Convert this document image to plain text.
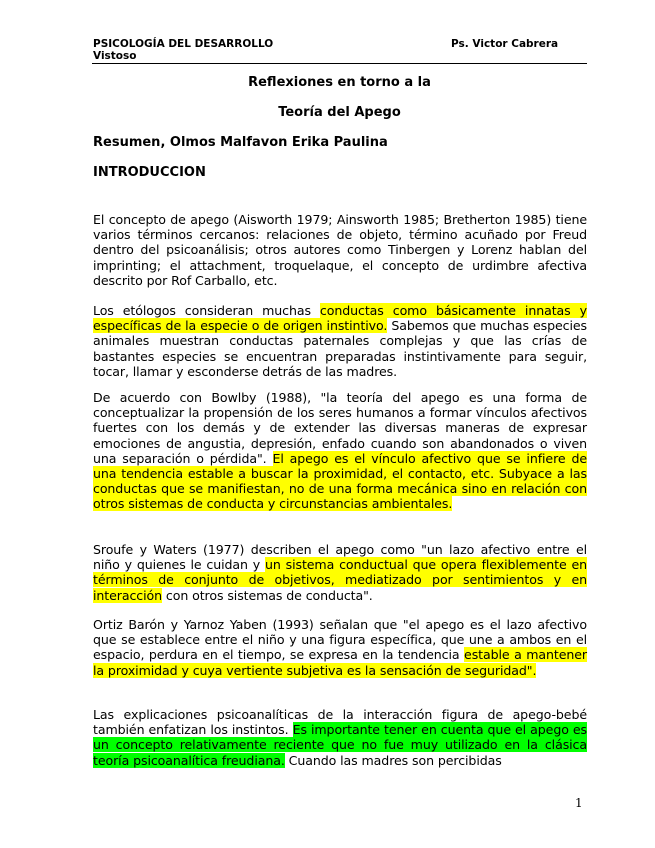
PSICOLOGÍA DEL DESARROLLO
Vistoso
Ps. Victor Cabrera
Reflexiones en torno a la
Teoría del Apego
Resumen, Olmos Malfavon Erika Paulina
INTRODUCCION
El concepto de apego (Aisworth 1979; Ainsworth 1985; Bretherton 1985) tiene varios términos cercanos: relaciones de objeto, término acuñado por Freud dentro del psicoanálisis; otros autores como Tinbergen y Lorenz hablan del imprinting; el attachment, troquelaque, el concepto de urdimbre afectiva descrito por Rof Carballo, etc.
Los etólogos consideran muchas conductas como básicamente innatas y específicas de la especie o de origen instintivo. Sabemos que muchas especies animales muestran conductas paternales complejas y que las crías de bastantes especies se encuentran preparadas instintivamente para seguir, tocar, llamar y esconderse detrás de las madres.
De acuerdo con Bowlby (1988), "la teoría del apego es una forma de conceptualizar la propensión de los seres humanos a formar vínculos afectivos fuertes con los demás y de extender las diversas maneras de expresar emociones de angustia, depresión, enfado cuando son abandonados o viven una separación o pérdida". El apego es el vínculo afectivo que se infiere de una tendencia estable a buscar la proximidad, el contacto, etc. Subyace a las conductas que se manifiestan, no de una forma mecánica sino en relación con otros sistemas de conducta y circunstancias ambientales.
Sroufe y Waters (1977) describen el apego como "un lazo afectivo entre el niño y quienes le cuidan y un sistema conductual que opera flexiblemente en términos de conjunto de objetivos, mediatizado por sentimientos y en interacción con otros sistemas de conducta".
Ortiz Barón y Yarnoz Yaben (1993) señalan que "el apego es el lazo afectivo que se establece entre el niño y una figura específica, que une a ambos en el espacio, perdura en el tiempo, se expresa en la tendencia estable a mantener la proximidad y cuya vertiente subjetiva es la sensación de seguridad".
Las explicaciones psicoanalíticas de la interacción figura de apego-bebé también enfatizan los instintos. Es importante tener en cuenta que el apego es un concepto relativamente reciente que no fue muy utilizado en la clásica teoría psicoanalítica freudiana. Cuando las madres son percibidas
1
